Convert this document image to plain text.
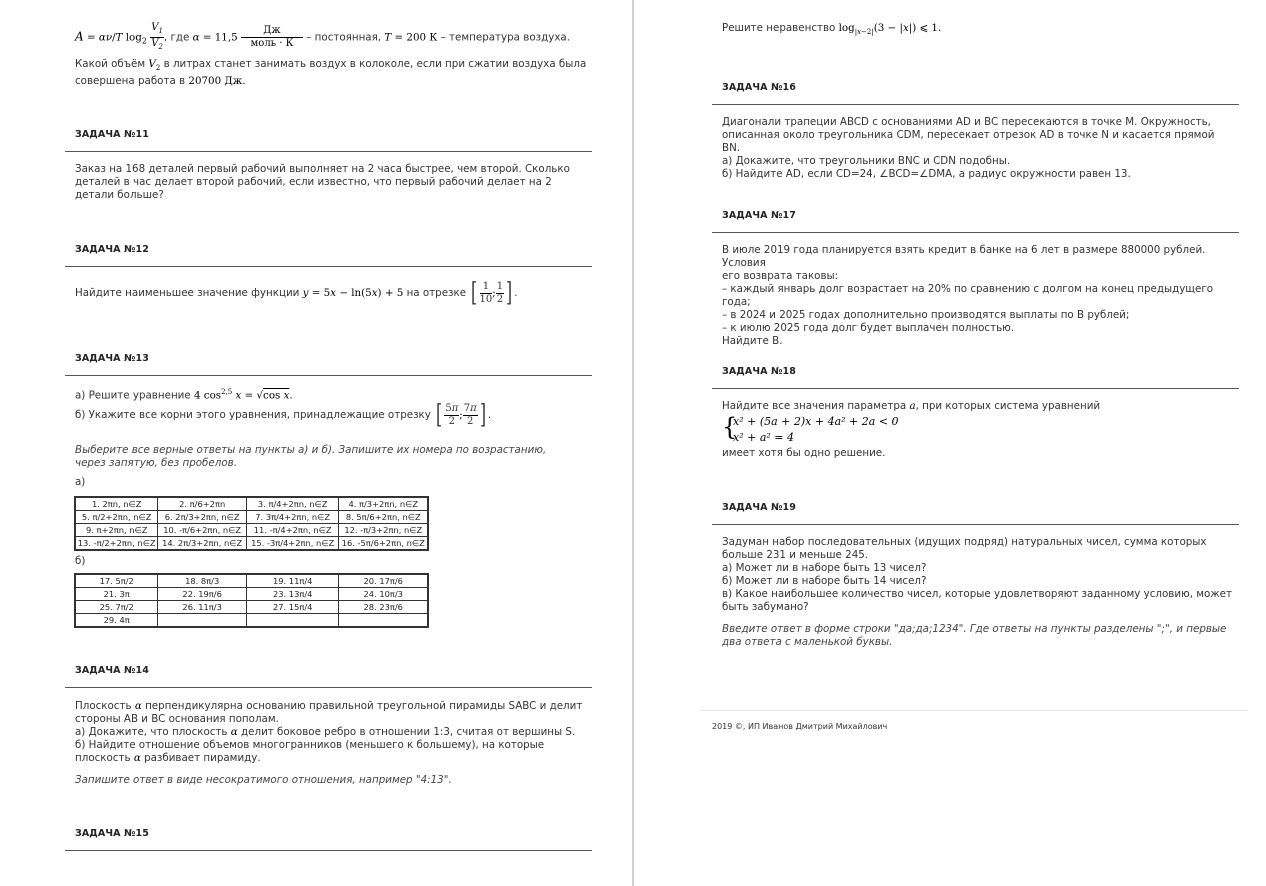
A = αν/T $\log_2 \frac{V_1}{V_2}$ , где $\alpha = 11,5 \frac{Дж}{\text{моль · К}}$ – постоянная, T = 200 К – температура воздуха.
Какой объём $V_2$ в литрах станет занимать воздух в колоколе, если при сжатии воздуха была
совершена работа в 20700 Дж.
ЗАДАЧА №11
Заказ на 168 деталей первый рабочий выполняет на 2 часа быстрее, чем второй. Сколько деталей в час делает второй рабочий, если известно, что первый рабочий делает на 2 детали больше?
ЗАДАЧА №12
Найдите наименьшее значение функции y = 5x − ln(5x) + 5 на отрезке [ $\frac{1}{10}$ ; $\frac{1}{2}$ ] .
ЗАДАЧА №13
а) Решите уравнение 4 $\cos^{2,5} x = √\cos$ x.
б) Укажите все корни этого уравнения, принадлежащие отрезку [ $\frac{5\pi}{2}$ ; $\frac{7\pi}{2}$ ] .
Выберите все верные ответы на пункты а) и б). Запишите их номера по возрастанию, через запятую, без пробелов.
а)
1. 2πn, n∈Z	2. π/6+2πn	3. π/4+2πn, n∈Z	4. π/3+2πn, n∈Z
5. π/2+2πn, n∈Z	6. 2π/3+2πn, n∈Z	7. 3π/4+2πn, n∈Z	8. 5π/6+2πn, n∈Z
9. π+2πn, n∈Z	10. -π/6+2πn, n∈Z	11. -π/4+2πn, n∈Z	12. -π/3+2πn, n∈Z
13. -π/2+2πn, n∈Z	14. 2π/3+2πn, n∈Z	15. -3π/4+2πn, n∈Z	16. -5π/6+2πn, n∈Z
б)
17. 5π/2	18. 8π/3	19. 11π/4	20. 17π/6
21. 3π	22. 19π/6	23. 13π/4	24. 10π/3
25. 7π/2	26. 11π/3	27. 15π/4	28. 23π/6
29. 4π			
ЗАДАЧА №14
Плоскость α перпендикулярна основанию правильной треугольной пирамиды SABC и делит
стороны AB и BC основания пополам.
а) Докажите, что плоскость α делит боковое ребро в отношении 1:3, считая от вершины S.
б) Найдите отношение объемов многогранников (меньшего к большему), на которые
плоскость α разбивает пирамиду.
Запишите ответ в виде несократимого отношения, например "4:13".
ЗАДАЧА №15
Решите неравенство $\log_{|x-2|}(3 - |x|)$ ⩽ 1.
ЗАДАЧА №16
Диагонали трапеции ABCD с основаниями AD и BC пересекаются в точке M. Окружность, описанная около треугольника CDM, пересекает отрезок AD в точке N и касается прямой BN.
а) Докажите, что треугольники BNC и CDN подобны.
б) Найдите AD, если CD=24, ∠BCD=∠DMA, а радиус окружности равен 13.
ЗАДАЧА №17
В июле 2019 года планируется взять кредит в банке на 6 лет в размере 880000 рублей. Условия
его возврата таковы:
– каждый январь долг возрастает на 20% по сравнению с долгом на конец предыдущего года;
– в 2024 и 2025 годах дополнительно производятся выплаты по B рублей;
– к июлю 2025 года долг будет выплачен полностью.
Найдите B.
ЗАДАЧА №18
Найдите все значения параметра a, при которых система уравнений
{
x² + (5a + 2)x + 4a² + 2a < 0
x² + a² = 4
имеет хотя бы одно решение.
ЗАДАЧА №19
Задуман набор последовательных (идущих подряд) натуральных чисел, сумма которых
больше 231 и меньше 245.
а) Может ли в наборе быть 13 чисел?
б) Может ли в наборе быть 14 чисел?
в) Какое наибольшее количество чисел, которые удовлетворяют заданному условию, может
быть забумано?
Введите ответ в форме строки "да;да;1234". Где ответы на пункты разделены ";", и первые два ответа с маленькой буквы.
2019 ©, ИП Иванов Дмитрий Михайлович
